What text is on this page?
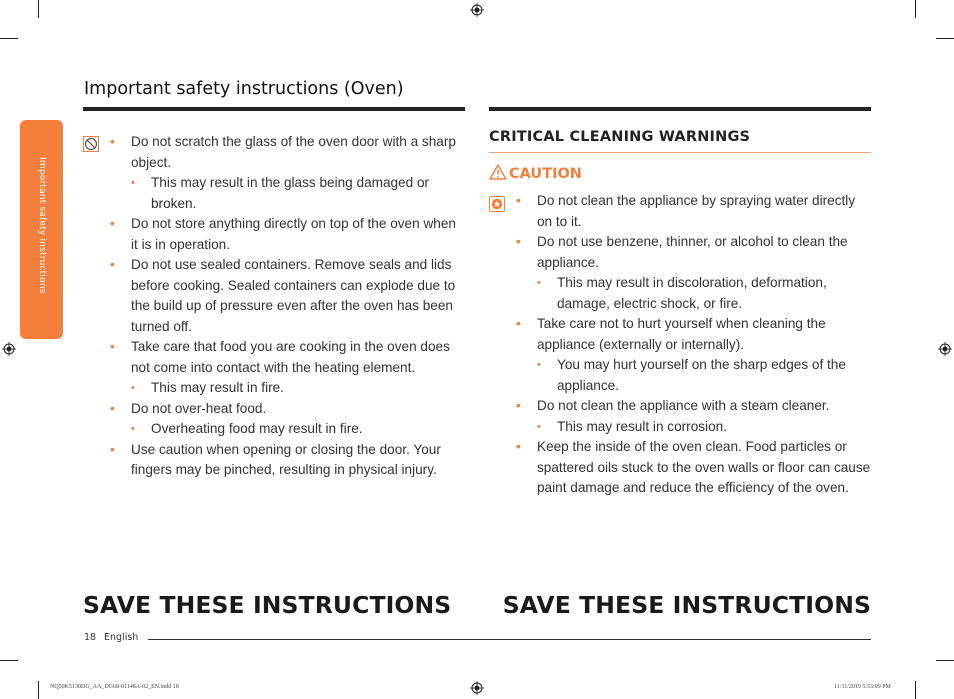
Important safety instructions
Important safety instructions (Oven)
• Do not scratch the glass of the oven door with a sharp object.
• This may result in the glass being damaged or broken.
• Do not store anything directly on top of the oven when it is in operation.
• Do not use sealed containers. Remove seals and lids before cooking. Sealed containers can explode due to the build up of pressure even after the oven has been turned off.
• Take care that food you are cooking in the oven does not come into contact with the heating element.
• This may result in fire.
• Do not over-heat food.
• Overheating food may result in fire.
• Use caution when opening or closing the door. Your fingers may be pinched, resulting in physical injury.
CRITICAL CLEANING WARNINGS
CAUTION
• Do not clean the appliance by spraying water directly on to it.
• Do not use benzene, thinner, or alcohol to clean the appliance.
• This may result in discoloration, deformation, damage, electric shock, or fire.
• Take care not to hurt yourself when cleaning the appliance (externally or internally).
• You may hurt yourself on the sharp edges of the appliance.
• Do not clean the appliance with a steam cleaner.
• This may result in corrosion.
• Keep the inside of the oven clean. Food particles or spattered oils stuck to the oven walls or floor can cause paint damage and reduce the efficiency of the oven.
SAVE THESE INSTRUCTIONS SAVE THESE INSTRUCTIONS
18 English
NQ50K5130DG_AA_DG68-01148A-02_EN.indd 18	11/11/2019 5:53:09 PM
